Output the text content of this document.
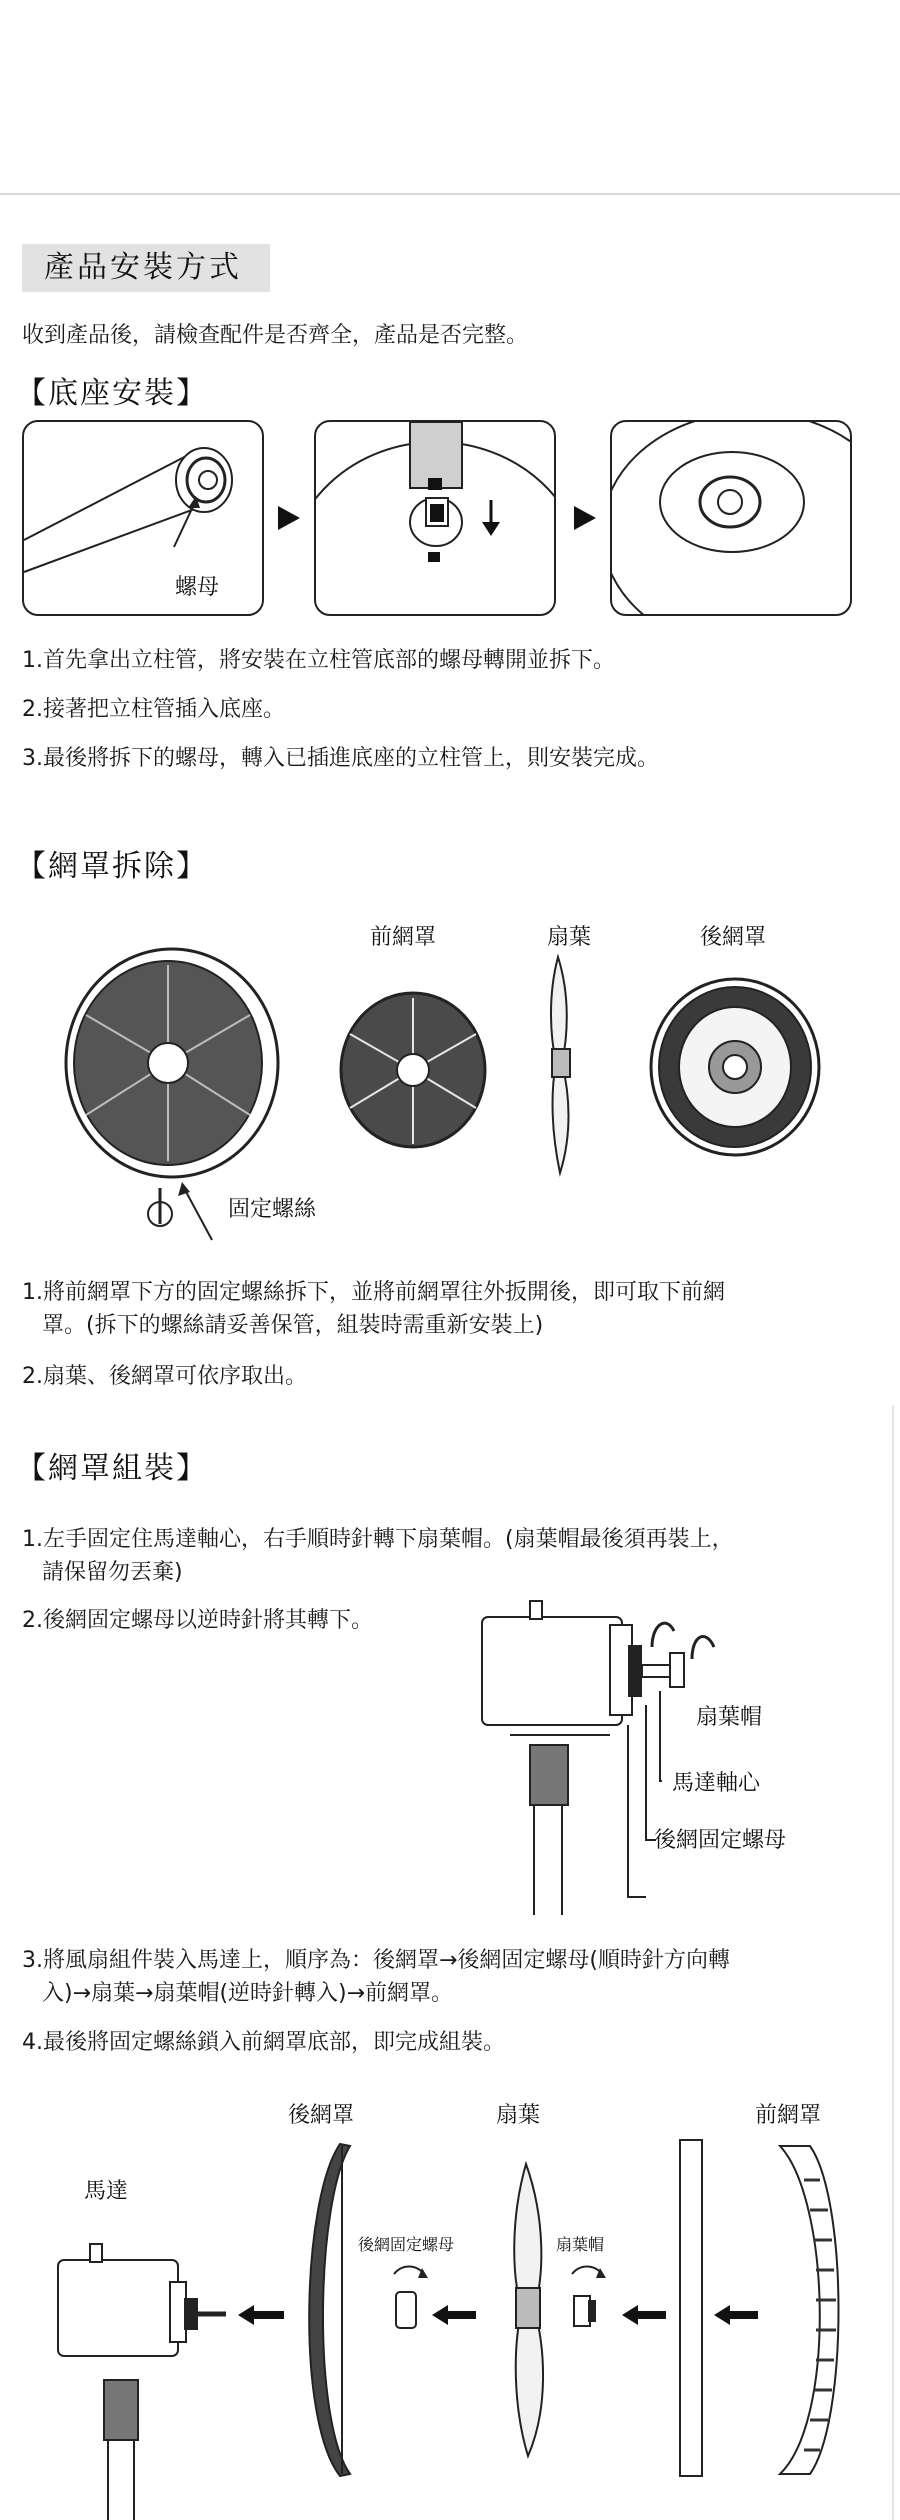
產品安裝方式
收到產品後，請檢查配件是否齊全，產品是否完整。
【底座安裝】
螺母
1.首先拿出立柱管，將安裝在立柱管底部的螺母轉開並拆下。
2.接著把立柱管插入底座。
3.最後將拆下的螺母，轉入已插進底座的立柱管上，則安裝完成。
【網罩拆除】
前網罩	扇葉	後網罩
固定螺絲
1.將前網罩下方的固定螺絲拆下，並將前網罩往外扳開後，即可取下前網
罩。(拆下的螺絲請妥善保管，組裝時需重新安裝上)
2.扇葉、後網罩可依序取出。
【網罩組裝】
1.左手固定住馬達軸心，右手順時針轉下扇葉帽。(扇葉帽最後須再裝上，
請保留勿丟棄)
2.後網固定螺母以逆時針將其轉下。
扇葉帽
馬達軸心
後網固定螺母
3.將風扇組件裝入馬達上，順序為：後網罩→後網固定螺母(順時針方向轉
入)→扇葉→扇葉帽(逆時針轉入)→前網罩。
4.最後將固定螺絲鎖入前網罩底部，即完成組裝。
後網罩	扇葉	前網罩
馬達
後網固定螺母	扇葉帽
